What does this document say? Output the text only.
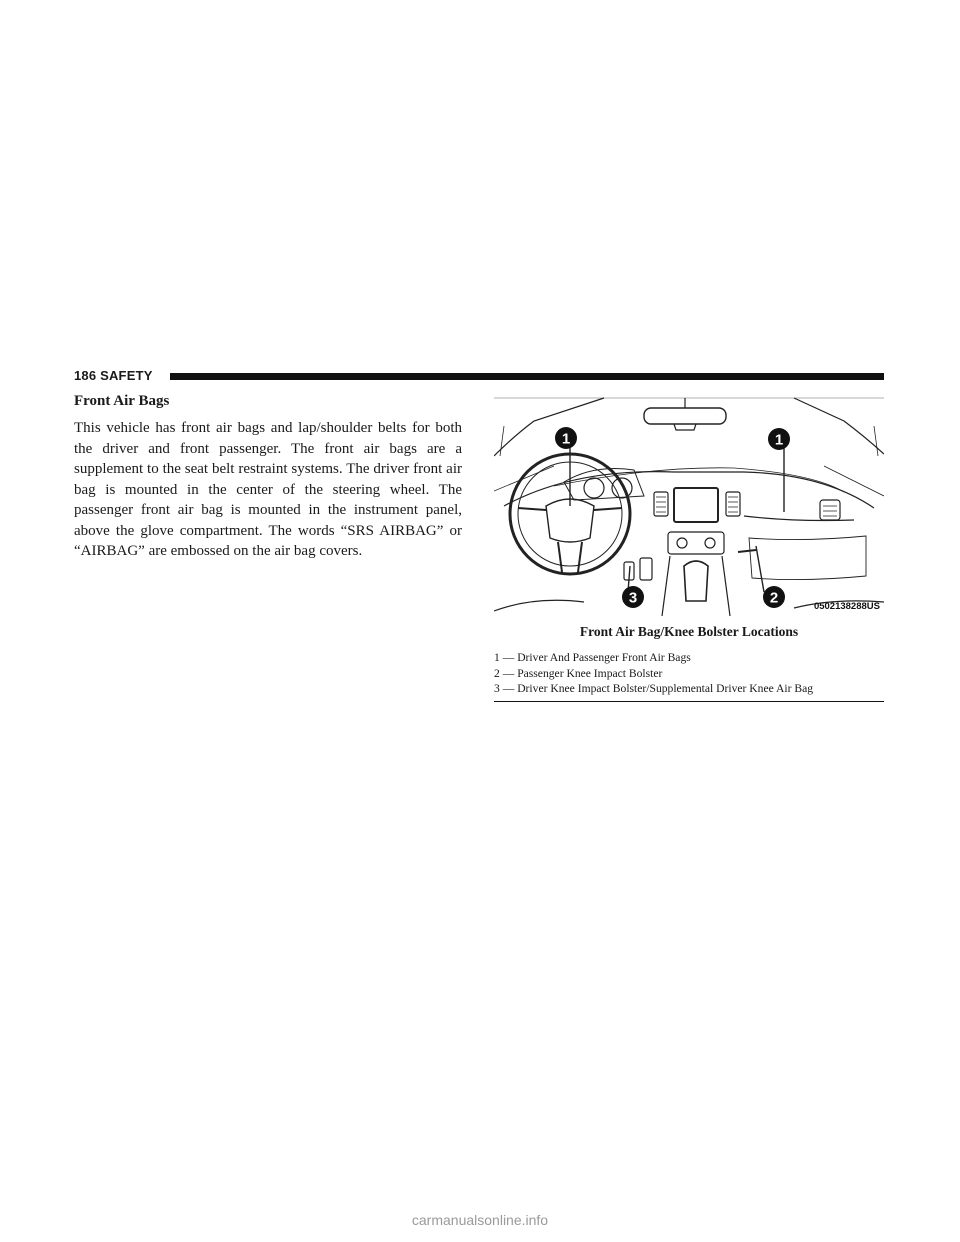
186 SAFETY
Front Air Bags

This vehicle has front air bags and lap/shoulder belts for both the driver and front passenger. The front air bags are a supplement to the seat belt restraint systems. The driver front air bag is mounted in the center of the steering wheel. The passenger front air bag is mounted in the instrument panel, above the glove compartment. The words “SRS AIRBAG” or “AIRBAG” are embossed on the air bag covers.

1	1
2
3	0502138288US
Front Air Bag/Knee Bolster Locations
1 — Driver And Passenger Front Air Bags
2 — Passenger Knee Impact Bolster
3 — Driver Knee Impact Bolster/Supplemental Driver Knee Air Bag
carmanualsonline.info
